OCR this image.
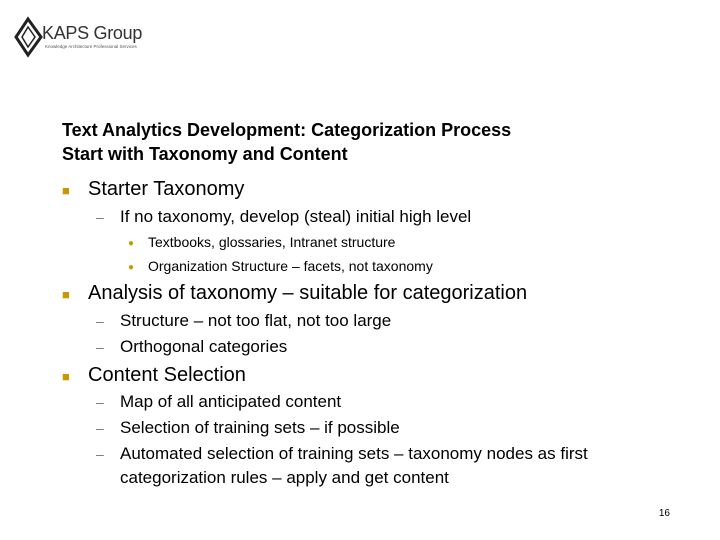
KAPS Group
Knowledge Architecture Professional Services
Text Analytics Development: Categorization Process
Start with Taxonomy and Content
■ Starter Taxonomy
– If no taxonomy, develop (steal) initial high level
● Textbooks, glossaries, Intranet structure
● Organization Structure – facets, not taxonomy
■ Analysis of taxonomy – suitable for categorization
– Structure – not too flat, not too large
– Orthogonal categories
■ Content Selection
– Map of all anticipated content
– Selection of training sets – if possible
– Automated selection of training sets – taxonomy nodes as first categorization rules – apply and get content
16
